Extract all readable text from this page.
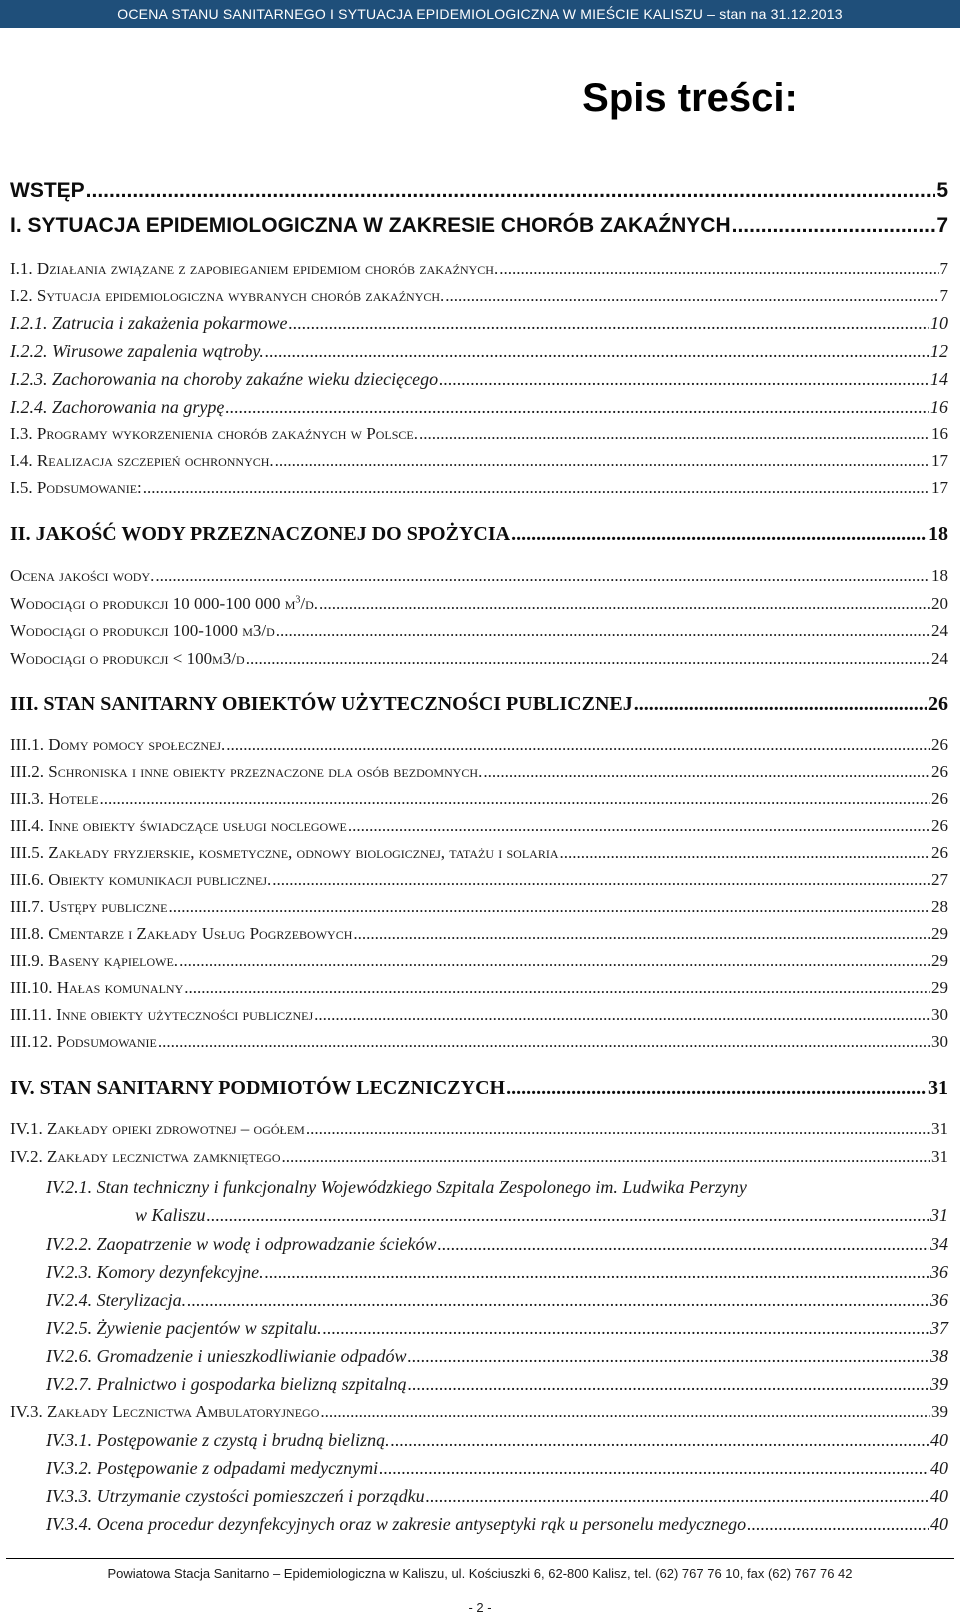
OCENA STANU SANITARNEGO I SYTUACJA EPIDEMIOLOGICZNA W MIEŚCIE KALISZU – stan na 31.12.2013
Spis treści:
WSTĘP .....	5
I. SYTUACJA EPIDEMIOLOGICZNA W ZAKRESIE CHORÓB ZAKAŹNYCH .....	7
I.1. Działania związane z zapobieganiem epidemiom chorób zakaźnych. .....	7
I.2. Sytuacja epidemiologiczna wybranych chorób zakaźnych. .....	7
I.2.1. Zatrucia i zakażenia pokarmowe .....	10
I.2.2. Wirusowe zapalenia wątroby. .....	12
I.2.3. Zachorowania na choroby zakaźne wieku dziecięcego .....	14
I.2.4. Zachorowania na grypę .....	16
I.3. Programy wykorzenienia chorób zakaźnych w Polsce. .....	16
I.4. Realizacja szczepień ochronnych. .....	17
I.5. Podsumowanie: .....	17
II. JAKOŚĆ WODY PRZEZNACZONEJ DO SPOŻYCIA .....	18
Ocena jakości wody. .....	18
Wodociągi o produkcji 10 000-100 000 $m^3/d$. .....	20
Wodociągi o produkcji 100-1000 m3/d .....	24
Wodociągi o produkcji < 100m3/d .....	24
III. STAN SANITARNY OBIEKTÓW UŻYTECZNOŚCI PUBLICZNEJ .....	26
III.1. Domy pomocy społecznej. .....	26
III.2. Schroniska i inne obiekty przeznaczone dla osób bezdomnych. .....	26
III.3. Hotele .....	26
III.4. Inne obiekty świadczące usługi noclegowe .....	26
III.5. Zakłady fryzjerskie, kosmetyczne, odnowy biologicznej, tatażu i solaria .....	26
III.6. Obiekty komunikacji publicznej. .....	27
III.7. Ustępy publiczne .....	28
III.8. Cmentarze i Zakłady Usług Pogrzebowych .....	29
III.9. Baseny kąpielowe. .....	29
III.10. Hałas komunalny .....	29
III.11. Inne obiekty użyteczności publicznej .....	30
III.12. Podsumowanie .....	30
IV. STAN SANITARNY PODMIOTÓW LECZNICZYCH .....	31
IV.1. Zakłady opieki zdrowotnej – ogółem .....	31
IV.2. Zakłady lecznictwa zamkniętego .....	31
IV.2.1. Stan techniczny i funkcjonalny Wojewódzkiego Szpitala Zespolonego im. Ludwika Perzyny
w Kaliszu .....	31
IV.2.2. Zaopatrzenie w wodę i odprowadzanie ścieków .....	34
IV.2.3. Komory dezynfekcyjne. .....	36
IV.2.4. Sterylizacja. .....	36
IV.2.5. Żywienie pacjentów w szpitalu. .....	37
IV.2.6. Gromadzenie i unieszkodliwianie odpadów .....	38
IV.2.7. Pralnictwo i gospodarka bielizną szpitalną .....	39
IV.3. Zakłady Lecznictwa Ambulatoryjnego .....	39
IV.3.1. Postępowanie z czystą i brudną bielizną. .....	40
IV.3.2. Postępowanie z odpadami medycznymi .....	40
IV.3.3. Utrzymanie czystości pomieszczeń i porządku .....	40
IV.3.4. Ocena procedur dezynfekcyjnych oraz w zakresie antyseptyki rąk u personelu medycznego .....	40
Powiatowa Stacja Sanitarno – Epidemiologiczna w Kaliszu, ul. Kościuszki 6, 62-800 Kalisz, tel. (62) 767 76 10, fax (62) 767 76 42
- 2 -
